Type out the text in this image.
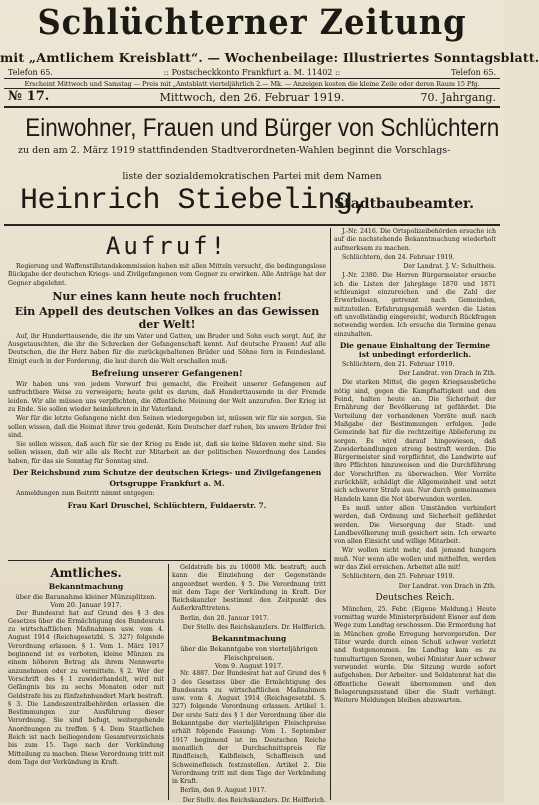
Schlüchterner Zeitung
mit „Amtlichem Kreisblatt“. — Wochenbeilage: Illustriertes Sonntagsblatt.
Telefon 65.	:: Postscheckkonto Frankfurt a. M. 11402 ::	Telefon 65.
Erscheint Mittwoch und Samstag — Preis mit „Amtsblatt vierteljährlich 2.— Mk. — Anzeigen kosten die kleine Zeile oder deren Raum 15 Pfg.
№ 17.	Mittwoch, den 26. Februar 1919.	70. Jahrgang.
Einwohner, Frauen und Bürger von Schlüchtern
zu den am 2. März 1919 stattfindenden Stadtverordneten-Wahlen beginnt die Vorschlags-
liste der sozialdemokratischen Partei mit dem Namen
Heinrich Stiebeling,
Stadtbaubeamter.
Aufruf!

Regierung und Waffenstillstandskommission haben mit allen Mitteln versucht, die bedingungslose Rückgabe der deutschen Kriegs- und Zivilgefangenen vom Gegner zu erwirken. Alle Anträge hat der Gegner abgelehnt.

Nur eines kann heute noch fruchten!
Ein Appell des deutschen Volkes an das Gewissen der Welt!

Auf, ihr Hunderttausende, die ihr um Vater und Gatten, um Bruder und Sohn euch sorgt. Auf, ihr Ausgetauschten, die ihr die Schrecken der Gefangenschaft kennt. Auf deutsche Frauen! Auf alle Deutschen, die ihr Herz haben für die zurückgehaltenen Brüder und Söhne fern in Feindesland. Einigt euch in der Forderung, die laut durch die Welt erschallen muß:

Befreiung unserer Gefangenen!

Wir haben uns von jedem Vorwurf frei gemacht, die Freiheit unserer Gefangenen auf unfruchtbare Weise zu verweigern; heute geht es darum, daß Hunderttausende in der Fremde leiden. Wir alle müssen uns verpflichten, die öffentliche Meinung der Welt anzurufen. Der Krieg ist zu Ende. Sie sollen wieder heimkehren in ihr Vaterland.

Wer für die letzte Gefangene nicht den Seinen wiedergegeben ist, müssen wir für sie sorgen. Sie sollen wissen, daß die Heimat ihrer treu gedenkt. Kein Deutscher darf ruhen, bis unsere Brüder frei sind.

Sie sollen wissen, daß auch für sie der Krieg zu Ende ist, daß sie keine Sklaven mehr sind. Sie sollen wissen, daß wir alle als Recht zur Mitarbeit an der politischen Neuordnung des Landes haben, für das sie Sonntag für Sonntag sind.

Der Reichsbund zum Schutze der deutschen Kriegs- und Zivilgefangenen
Ortsgruppe Frankfurt a. M.

Anmeldungen zum Beitritt nimmt entgegen:

Frau Karl Druschel, Schlüchtern, Fuldaerstr. 7.
Amtliches.
Bekanntmachung
über die Baranahme kleiner Münzsplitzen.
Vom 20. Januar 1917.

Der Bundesrat hat auf Grund des § 3 des Gesetzes über die Ermächtigung des Bundesrats zu wirtschaftlichen Maßnahmen usw. vom 4. August 1914 (Reichsgesetzbl. S. 327) folgende Verordnung erlassen. § 1. Vom 1. März 1917 beginnend ist es verboten, kleine Münzen zu einem höheren Betrag als ihrem Nennwerte anzunehmen oder zu vermitteln. § 2. Wer der Vorschrift des § 1 zuwiderhandelt, wird mit Gefängnis bis zu sechs Monaten oder mit Geldstrafe bis zu fünfzehnhundert Mark bestraft. § 3. Die Landeszentralbehörden erlassen die Bestimmungen zur Ausführung dieser Verordnung. Sie sind befugt, weitergehende Anordnungen zu treffen. § 4. Dem Staatlichen Reich ist nach beiliegendem Gesamtverzeichnis bis zum 15. Tage nach der Verkündung Mitteilung zu machen. Diese Verordnung tritt mit dem Tage der Verkündung in Kraft.

Geldstrafe bis zu 10000 Mk. bestraft; auch kann die Einziehung der Gegenstände angeordnet werden. § 5. Die Verordnung tritt mit dem Tage der Verkündung in Kraft. Der Reichskanzler bestimmt den Zeitpunkt des Außerkrafttretens.

Berlin, den 20. Januar 1917.

Der Stellv. des Reichskanzlers. Dr. Helfferich.

Bekanntmachung
über die Bekanntgabe von vierteljährigen Fleischpreisen.
Vom 9. August 1917.

Nr. 4887. Der Bundesrat hat auf Grund des § 3 des Gesetzes über die Ermächtigung des Bundesrats zu wirtschaftlichen Maßnahmen usw. vom 4. August 1914 (Reichsgesetzbl. S. 327) folgende Verordnung erlassen. Artikel 1. Der erste Satz des § 1 der Verordnung über die Bekanntgabe der vierteljährigen Fleischpreise erhält folgende Fassung: Vom 1. September 1917 beginnend ist im Deutschen Reiche monatlich der Durchschnittspreis für Rindfleisch, Kalbfleisch, Schaffleisch und Schweinefleisch festzustellen. Artikel 2. Die Verordnung tritt mit dem Tage der Verkündung in Kraft.

Berlin, den 9. August 1917.

Der Stellv. des Reichskanzlers. Dr. Helfferich.

J.-Nr. 2416. Die Ortspolizeibehörden ersuche ich auf die nachstehende Bekanntmachung wiederholt aufmerksam zu machen.

Schlüchtern, den 24. Februar 1919.

Der Landrat. J. V.: Schultheis.

J.-Nr. 2380. Die Herren Bürgermeister ersuche ich die Listen der Jahrgänge 1870 und 1871 schleunigst einzureichen und die Zahl der Erwerbslosen, getrennt nach Gemeinden, mitzuteilen. Erfahrungsgemäß werden die Listen oft unvollständig eingereicht, wodurch Rückfragen notwendig werden. Ich ersuche die Termine genau einzuhalten.

Die genaue Einhaltung der Termine ist unbedingt erforderlich.

Schlüchtern, den 21. Februar 1919.

Der Landrat. von Drach in Zth.

Die starken Mittel, die gegen Kriegsausbrüche nötig sind, gegen die Kampfhaftigkeit und den Feind, halten heute an. Die Sicherheit der Ernährung der Bevölkerung ist gefährdet. Die Verteilung der vorhandenen Vorräte muß nach Maßgabe der Bestimmungen erfolgen. Jede Gemeinde hat für die rechtzeitige Ablieferung zu sorgen. Es wird darauf hingewiesen, daß Zuwiderhandlungen streng bestraft werden. Die Bürgermeister sind verpflichtet, die Landwirte auf ihre Pflichten hinzuweisen und die Durchführung der Vorschriften zu überwachen. Wer Vorräte zurückhält, schädigt die Allgemeinheit und setzt sich schwerer Strafe aus. Nur durch gemeinsames Handeln kann die Not überwunden werden.

Es muß unter allen Umständen verhindert werden, daß Ordnung und Sicherheit gefährdet werden. Die Versorgung der Stadt- und Landbevölkerung muß gesichert sein. Ich erwarte von allen Einsicht und willige Mitarbeit.

Wir wollen nicht mehr, daß jemand hungern muß. Nur wenn alle wollen und mithelfen, werden wir das Ziel erreichen. Arbeitet alle mit!

Schlüchtern, den 25. Februar 1919.

Der Landrat. von Drach in Zth.

Deutsches Reich.

München, 25. Febr. (Eigene Meldung.) Heute vormittag wurde Ministerpräsident Eisner auf dem Wege zum Landtag erschossen. Die Ermordung hat in München große Erregung hervorgerufen. Der Täter wurde durch einen Schuß schwer verletzt und festgenommen. Im Landtag kam es zu tumultartigen Szenen, wobei Minister Auer schwer verwundet wurde. Die Sitzung wurde sofort aufgehoben. Der Arbeiter- und Soldatenrat hat die öffentliche Gewalt übernommen und den Belagerungszustand über die Stadt verhängt. Weitere Meldungen bleiben abzuwarten.
